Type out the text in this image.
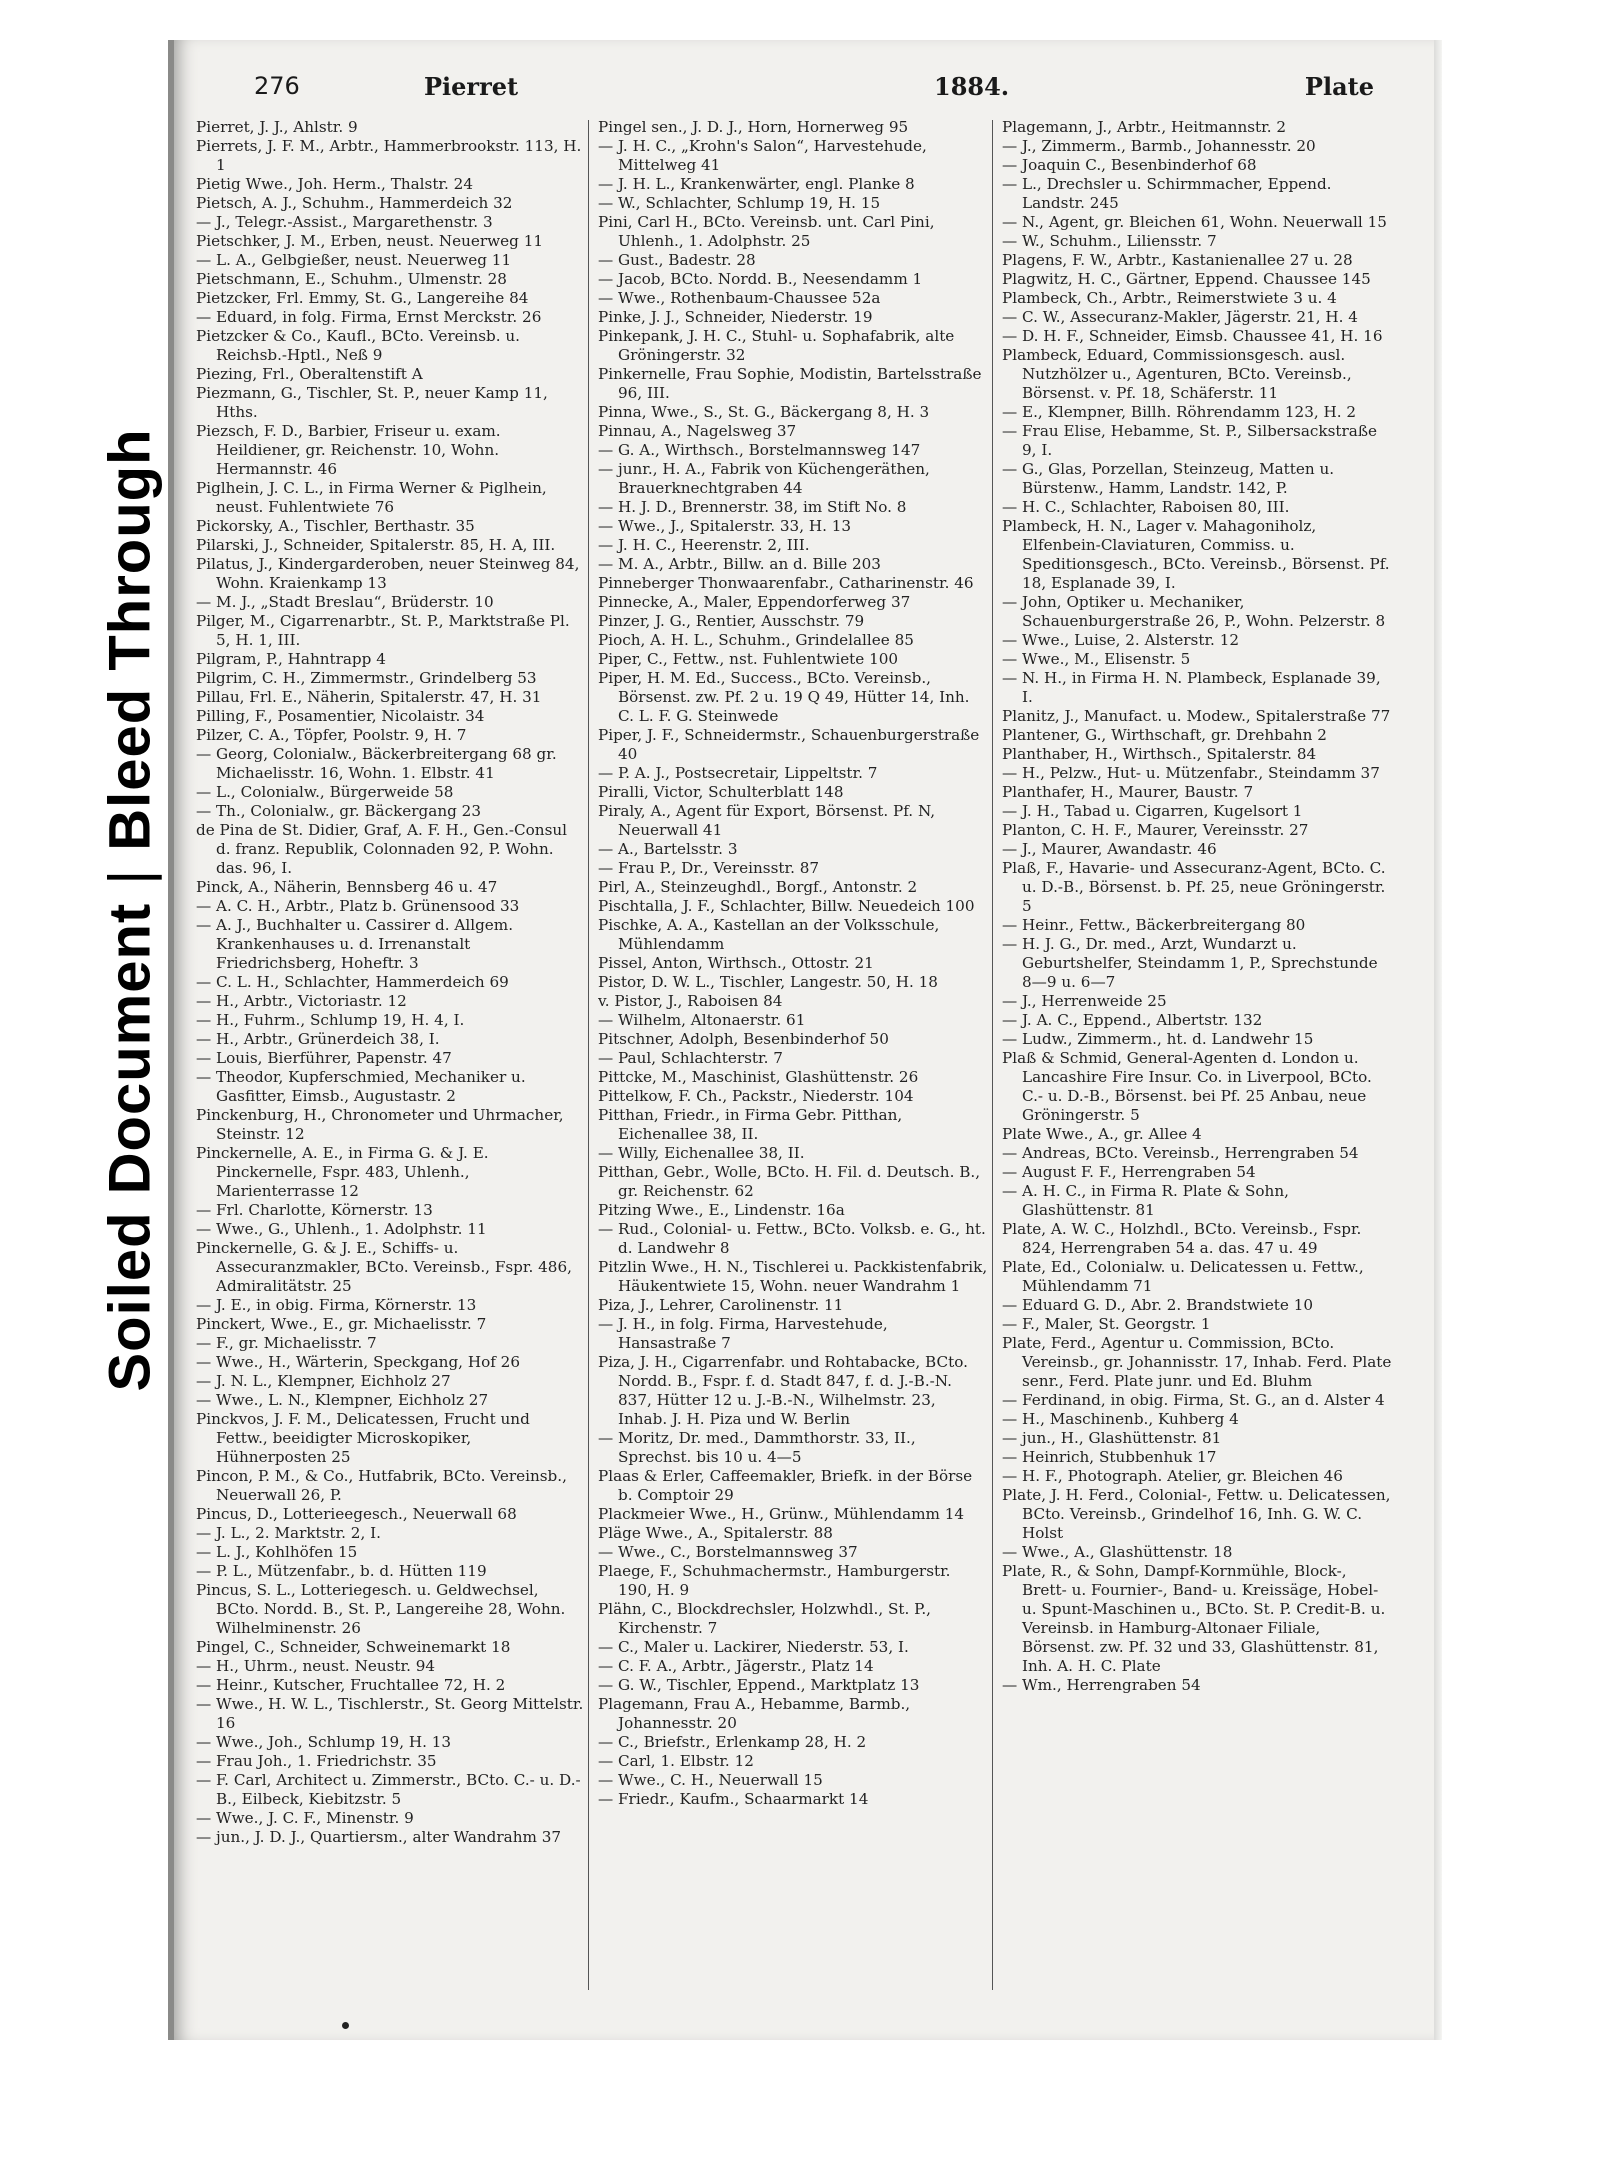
Soiled Document|Bleed Through
276	Pierret	1884.	Plate

Pierret, J. J., Ahlstr. 9

Pierrets, J. F. M., Arbtr., Hammerbrookstr. 113, H. 1

Pietig Wwe., Joh. Herm., Thalstr. 24

Pietsch, A. J., Schuhm., Hammerdeich 32

— J., Telegr.-Assist., Margarethenstr. 3

Pietschker, J. M., Erben, neust. Neuerweg 11

— L. A., Gelbgießer, neust. Neuerweg 11

Pietschmann, E., Schuhm., Ulmenstr. 28

Pietzcker, Frl. Emmy, St. G., Langereihe 84

— Eduard, in folg. Firma, Ernst Merckstr. 26

Pietzcker & Co., Kaufl., BCto. Vereinsb. u. Reichsb.-Hptl., Neß 9

Piezing, Frl., Oberaltenstift A

Piezmann, G., Tischler, St. P., neuer Kamp 11, Hths.

Piezsch, F. D., Barbier, Friseur u. exam. Heildiener, gr. Reichenstr. 10, Wohn. Hermannstr. 46

Piglhein, J. C. L., in Firma Werner & Piglhein, neust. Fuhlentwiete 76

Pickorsky, A., Tischler, Berthastr. 35

Pilarski, J., Schneider, Spitalerstr. 85, H. A, III.

Pilatus, J., Kindergarderoben, neuer Steinweg 84, Wohn. Kraienkamp 13

— M. J., „Stadt Breslau“, Brüderstr. 10

Pilger, M., Cigarrenarbtr., St. P., Marktstraße Pl. 5, H. 1, III.

Pilgram, P., Hahntrapp 4

Pilgrim, C. H., Zimmermstr., Grindelberg 53

Pillau, Frl. E., Näherin, Spitalerstr. 47, H. 31

Pilling, F., Posamentier, Nicolaistr. 34

Pilzer, C. A., Töpfer, Poolstr. 9, H. 7

— Georg, Colonialw., Bäckerbreitergang 68 gr. Michaelisstr. 16, Wohn. 1. Elbstr. 41

— L., Colonialw., Bürgerweide 58

— Th., Colonialw., gr. Bäckergang 23

de Pina de St. Didier, Graf, A. F. H., Gen.-Consul d. franz. Republik, Colonnaden 92, P. Wohn. das. 96, I.

Pinck, A., Näherin, Bennsberg 46 u. 47

— A. C. H., Arbtr., Platz b. Grünensood 33

— A. J., Buchhalter u. Cassirer d. Allgem. Krankenhauses u. d. Irrenanstalt Friedrichsberg, Hoheftr. 3

— C. L. H., Schlachter, Hammerdeich 69

— H., Arbtr., Victoriastr. 12

— H., Fuhrm., Schlump 19, H. 4, I.

— H., Arbtr., Grünerdeich 38, I.

— Louis, Bierführer, Papenstr. 47

— Theodor, Kupferschmied, Mechaniker u. Gasfitter, Eimsb., Augustastr. 2

Pinckenburg, H., Chronometer und Uhrmacher, Steinstr. 12

Pinckernelle, A. E., in Firma G. & J. E. Pinckernelle, Fspr. 483, Uhlenh., Marienterrasse 12

— Frl. Charlotte, Körnerstr. 13

— Wwe., G., Uhlenh., 1. Adolphstr. 11

Pinckernelle, G. & J. E., Schiffs- u. Assecuranzmakler, BCto. Vereinsb., Fspr. 486, Admiralitätstr. 25

— J. E., in obig. Firma, Körnerstr. 13

Pinckert, Wwe., E., gr. Michaelisstr. 7

— F., gr. Michaelisstr. 7

— Wwe., H., Wärterin, Speckgang, Hof 26

— J. N. L., Klempner, Eichholz 27

— Wwe., L. N., Klempner, Eichholz 27

Pinckvos, J. F. M., Delicatessen, Frucht und Fettw., beeidigter Microskopiker, Hühnerposten 25

Pincon, P. M., & Co., Hutfabrik, BCto. Vereinsb., Neuerwall 26, P.

Pincus, D., Lotterieegesch., Neuerwall 68

— J. L., 2. Marktstr. 2, I.

— L. J., Kohlhöfen 15

— P. L., Mützenfabr., b. d. Hütten 119

Pincus, S. L., Lotteriegesch. u. Geldwechsel, BCto. Nordd. B., St. P., Langereihe 28, Wohn. Wilhelminenstr. 26

Pingel, C., Schneider, Schweinemarkt 18

— H., Uhrm., neust. Neustr. 94

— Heinr., Kutscher, Fruchtallee 72, H. 2

— Wwe., H. W. L., Tischlerstr., St. Georg Mittelstr. 16

— Wwe., Joh., Schlump 19, H. 13

— Frau Joh., 1. Friedrichstr. 35

— F. Carl, Architect u. Zimmerstr., BCto. C.- u. D.-B., Eilbeck, Kiebitzstr. 5

— Wwe., J. C. F., Minenstr. 9

— jun., J. D. J., Quartiersm., alter Wandrahm 37

Pingel sen., J. D. J., Horn, Hornerweg 95

— J. H. C., „Krohn's Salon“, Harvestehude, Mittelweg 41

— J. H. L., Krankenwärter, engl. Planke 8

— W., Schlachter, Schlump 19, H. 15

Pini, Carl H., BCto. Vereinsb. unt. Carl Pini, Uhlenh., 1. Adolphstr. 25

— Gust., Badestr. 28

— Jacob, BCto. Nordd. B., Neesendamm 1

— Wwe., Rothenbaum-Chaussee 52a

Pinke, J. J., Schneider, Niederstr. 19

Pinkepank, J. H. C., Stuhl- u. Sophafabrik, alte Gröningerstr. 32

Pinkernelle, Frau Sophie, Modistin, Bartelsstraße 96, III.

Pinna, Wwe., S., St. G., Bäckergang 8, H. 3

Pinnau, A., Nagelsweg 37

— G. A., Wirthsch., Borstelmannsweg 147

— junr., H. A., Fabrik von Küchengeräthen, Brauerknechtgraben 44

— H. J. D., Brennerstr. 38, im Stift No. 8

— Wwe., J., Spitalerstr. 33, H. 13

— J. H. C., Heerenstr. 2, III.

— M. A., Arbtr., Billw. an d. Bille 203

Pinneberger Thonwaarenfabr., Catharinenstr. 46

Pinnecke, A., Maler, Eppendorferweg 37

Pinzer, J. G., Rentier, Ausschstr. 79

Pioch, A. H. L., Schuhm., Grindelallee 85

Piper, C., Fettw., nst. Fuhlentwiete 100

Piper, H. M. Ed., Success., BCto. Vereinsb., Börsenst. zw. Pf. 2 u. 19 Q 49, Hütter 14, Inh. C. L. F. G. Steinwede

Piper, J. F., Schneidermstr., Schauenburgerstraße 40

— P. A. J., Postsecretair, Lippeltstr. 7

Piralli, Victor, Schulterblatt 148

Piraly, A., Agent für Export, Börsenst. Pf. N, Neuerwall 41

— A., Bartelsstr. 3

— Frau P., Dr., Vereinsstr. 87

Pirl, A., Steinzeughdl., Borgf., Antonstr. 2

Pischtalla, J. F., Schlachter, Billw. Neuedeich 100

Pischke, A. A., Kastellan an der Volksschule, Mühlendamm

Pissel, Anton, Wirthsch., Ottostr. 21

Pistor, D. W. L., Tischler, Langestr. 50, H. 18

v. Pistor, J., Raboisen 84

— Wilhelm, Altonaerstr. 61

Pitschner, Adolph, Besenbinderhof 50

— Paul, Schlachterstr. 7

Pittcke, M., Maschinist, Glashüttenstr. 26

Pittelkow, F. Ch., Packstr., Niederstr. 104

Pitthan, Friedr., in Firma Gebr. Pitthan, Eichenallee 38, II.

— Willy, Eichenallee 38, II.

Pitthan, Gebr., Wolle, BCto. H. Fil. d. Deutsch. B., gr. Reichenstr. 62

Pitzing Wwe., E., Lindenstr. 16a

— Rud., Colonial- u. Fettw., BCto. Volksb. e. G., ht. d. Landwehr 8

Pitzlin Wwe., H. N., Tischlerei u. Packkistenfabrik, Häukentwiete 15, Wohn. neuer Wandrahm 1

Piza, J., Lehrer, Carolinenstr. 11

— J. H., in folg. Firma, Harvestehude, Hansastraße 7

Piza, J. H., Cigarrenfabr. und Rohtabacke, BCto. Nordd. B., Fspr. f. d. Stadt 847, f. d. J.-B.-N. 837, Hütter 12 u. J.-B.-N., Wilhelmstr. 23, Inhab. J. H. Piza und W. Berlin

— Moritz, Dr. med., Dammthorstr. 33, II., Sprechst. bis 10 u. 4—5

Plaas & Erler, Caffeemakler, Briefk. in der Börse b. Comptoir 29

Plackmeier Wwe., H., Grünw., Mühlendamm 14

Pläge Wwe., A., Spitalerstr. 88

— Wwe., C., Borstelmannsweg 37

Plaege, F., Schuhmachermstr., Hamburgerstr. 190, H. 9

Plähn, C., Blockdrechsler, Holzwhdl., St. P., Kirchenstr. 7

— C., Maler u. Lackirer, Niederstr. 53, I.

— C. F. A., Arbtr., Jägerstr., Platz 14

— G. W., Tischler, Eppend., Marktplatz 13

Plagemann, Frau A., Hebamme, Barmb., Johannesstr. 20

— C., Briefstr., Erlenkamp 28, H. 2

— Carl, 1. Elbstr. 12

— Wwe., C. H., Neuerwall 15

— Friedr., Kaufm., Schaarmarkt 14

Plagemann, J., Arbtr., Heitmannstr. 2

— J., Zimmerm., Barmb., Johannesstr. 20

— Joaquin C., Besenbinderhof 68

— L., Drechsler u. Schirmmacher, Eppend. Landstr. 245

— N., Agent, gr. Bleichen 61, Wohn. Neuerwall 15

— W., Schuhm., Liliensstr. 7

Plagens, F. W., Arbtr., Kastanienallee 27 u. 28

Plagwitz, H. C., Gärtner, Eppend. Chaussee 145

Plambeck, Ch., Arbtr., Reimerstwiete 3 u. 4

— C. W., Assecuranz-Makler, Jägerstr. 21, H. 4

— D. H. F., Schneider, Eimsb. Chaussee 41, H. 16

Plambeck, Eduard, Commissionsgesch. ausl. Nutzhölzer u., Agenturen, BCto. Vereinsb., Börsenst. v. Pf. 18, Schäferstr. 11

— E., Klempner, Billh. Röhrendamm 123, H. 2

— Frau Elise, Hebamme, St. P., Silbersackstraße 9, I.

— G., Glas, Porzellan, Steinzeug, Matten u. Bürstenw., Hamm, Landstr. 142, P.

— H. C., Schlachter, Raboisen 80, III.

Plambeck, H. N., Lager v. Mahagoniholz, Elfenbein-Claviaturen, Commiss. u. Speditionsgesch., BCto. Vereinsb., Börsenst. Pf. 18, Esplanade 39, I.

— John, Optiker u. Mechaniker, Schauenburgerstraße 26, P., Wohn. Pelzerstr. 8

— Wwe., Luise, 2. Alsterstr. 12

— Wwe., M., Elisenstr. 5

— N. H., in Firma H. N. Plambeck, Esplanade 39, I.

Planitz, J., Manufact. u. Modew., Spitalerstraße 77

Plantener, G., Wirthschaft, gr. Drehbahn 2

Planthaber, H., Wirthsch., Spitalerstr. 84

— H., Pelzw., Hut- u. Mützenfabr., Steindamm 37

Planthafer, H., Maurer, Baustr. 7

— J. H., Tabad u. Cigarren, Kugelsort 1

Planton, C. H. F., Maurer, Vereinsstr. 27

— J., Maurer, Awandastr. 46

Plaß, F., Havarie- und Assecuranz-Agent, BCto. C. u. D.-B., Börsenst. b. Pf. 25, neue Gröningerstr. 5

— Heinr., Fettw., Bäckerbreitergang 80

— H. J. G., Dr. med., Arzt, Wundarzt u. Geburtshelfer, Steindamm 1, P., Sprechstunde 8—9 u. 6—7

— J., Herrenweide 25

— J. A. C., Eppend., Albertstr. 132

— Ludw., Zimmerm., ht. d. Landwehr 15

Plaß & Schmid, General-Agenten d. London u. Lancashire Fire Insur. Co. in Liverpool, BCto. C.- u. D.-B., Börsenst. bei Pf. 25 Anbau, neue Gröningerstr. 5

Plate Wwe., A., gr. Allee 4

— Andreas, BCto. Vereinsb., Herrengraben 54

— August F. F., Herrengraben 54

— A. H. C., in Firma R. Plate & Sohn, Glashüttenstr. 81

Plate, A. W. C., Holzhdl., BCto. Vereinsb., Fspr. 824, Herrengraben 54 a. das. 47 u. 49

Plate, Ed., Colonialw. u. Delicatessen u. Fettw., Mühlendamm 71

— Eduard G. D., Abr. 2. Brandstwiete 10

— F., Maler, St. Georgstr. 1

Plate, Ferd., Agentur u. Commission, BCto. Vereinsb., gr. Johannisstr. 17, Inhab. Ferd. Plate senr., Ferd. Plate junr. und Ed. Bluhm

— Ferdinand, in obig. Firma, St. G., an d. Alster 4

— H., Maschinenb., Kuhberg 4

— jun., H., Glashüttenstr. 81

— Heinrich, Stubbenhuk 17

— H. F., Photograph. Atelier, gr. Bleichen 46

Plate, J. H. Ferd., Colonial-, Fettw. u. Delicatessen, BCto. Vereinsb., Grindelhof 16, Inh. G. W. C. Holst

— Wwe., A., Glashüttenstr. 18

Plate, R., & Sohn, Dampf-Kornmühle, Block-, Brett- u. Fournier-, Band- u. Kreissäge, Hobel- u. Spunt-Maschinen u., BCto. St. P. Credit-B. u. Vereinsb. in Hamburg-Altonaer Filiale, Börsenst. zw. Pf. 32 und 33, Glashüttenstr. 81, Inh. A. H. C. Plate

— Wm., Herrengraben 54
